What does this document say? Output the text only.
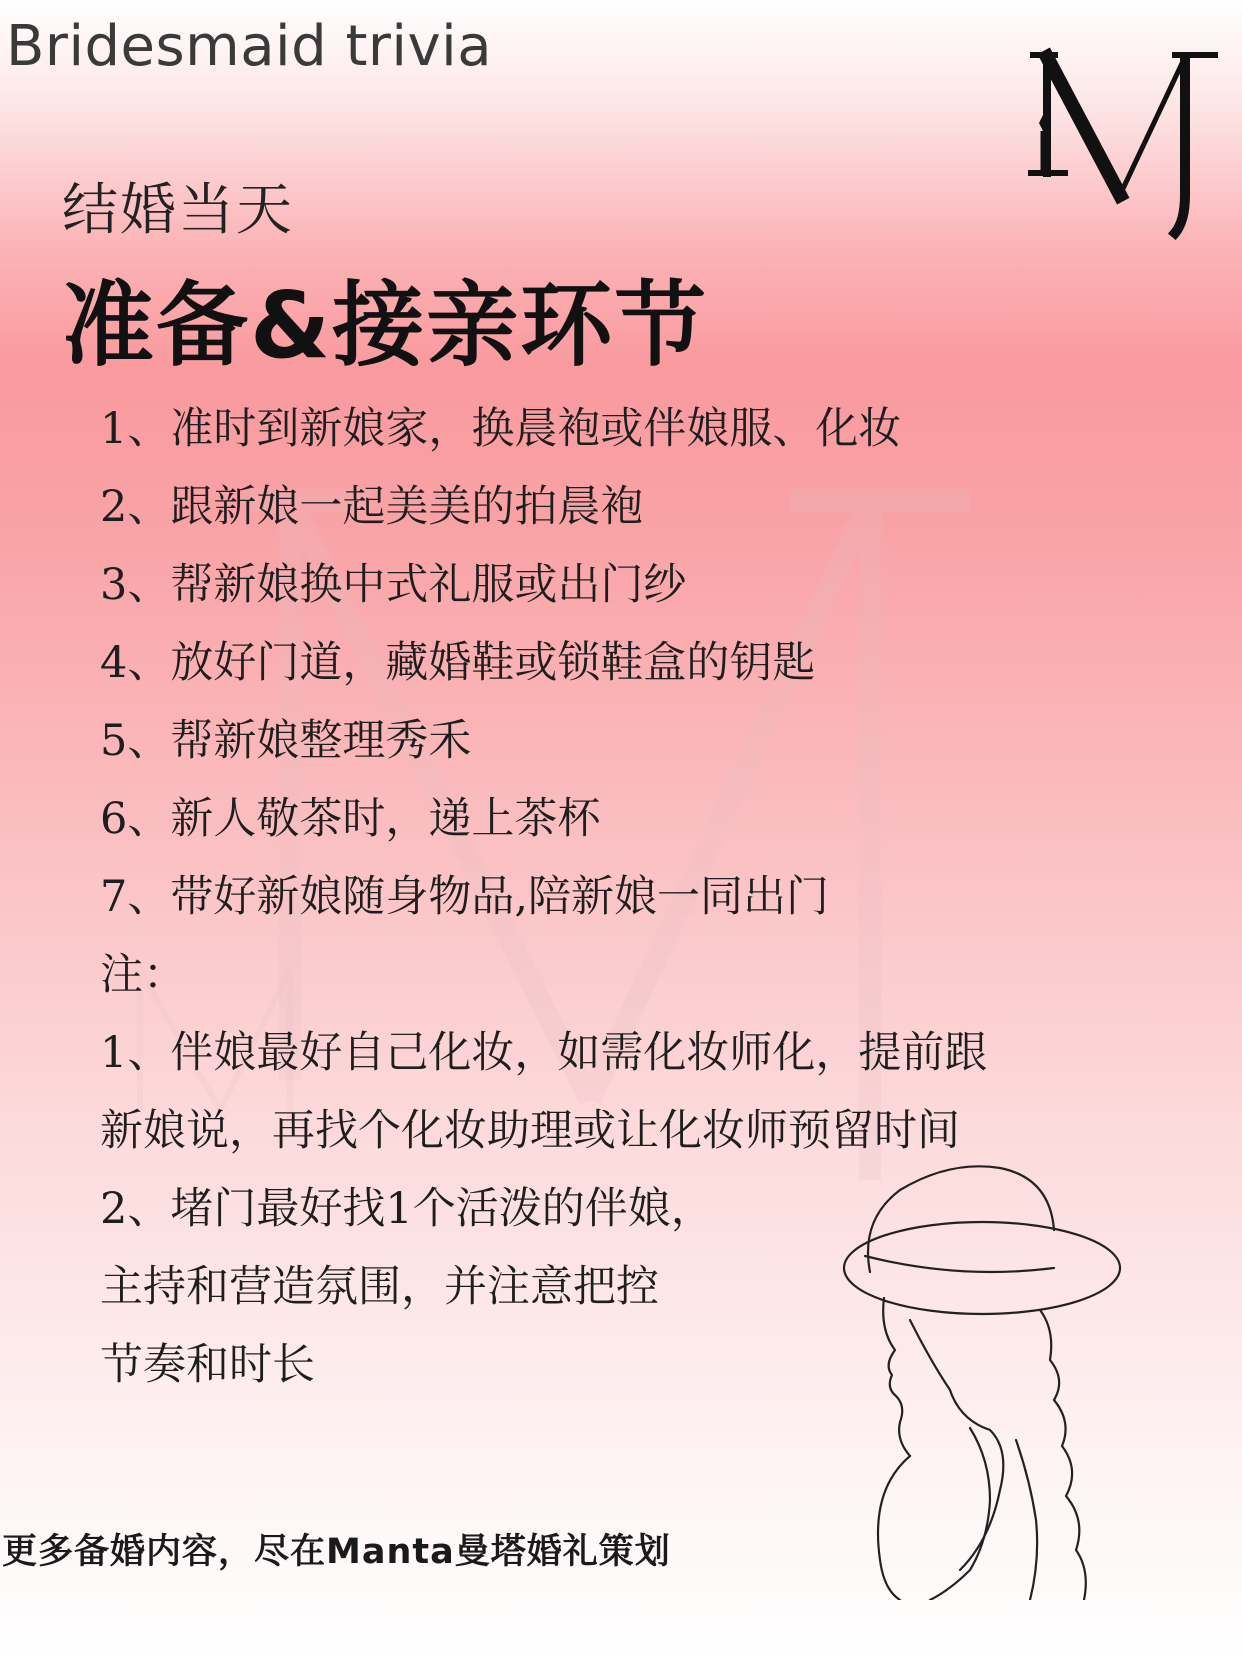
Bridesmaid trivia
结婚当天
准备&接亲环节
1、准时到新娘家，换晨袍或伴娘服、化妆
2、跟新娘一起美美的拍晨袍
3、帮新娘换中式礼服或出门纱
4、放好门道，藏婚鞋或锁鞋盒的钥匙
5、帮新娘整理秀禾
6、新人敬茶时，递上茶杯
7、带好新娘随身物品,陪新娘一同出门
注：
1、伴娘最好自己化妆，如需化妆师化，提前跟
新娘说，再找个化妆助理或让化妆师预留时间
2、堵门最好找1个活泼的伴娘，
主持和营造氛围，并注意把控
节奏和时长
更多备婚内容，尽在Manta曼塔婚礼策划
